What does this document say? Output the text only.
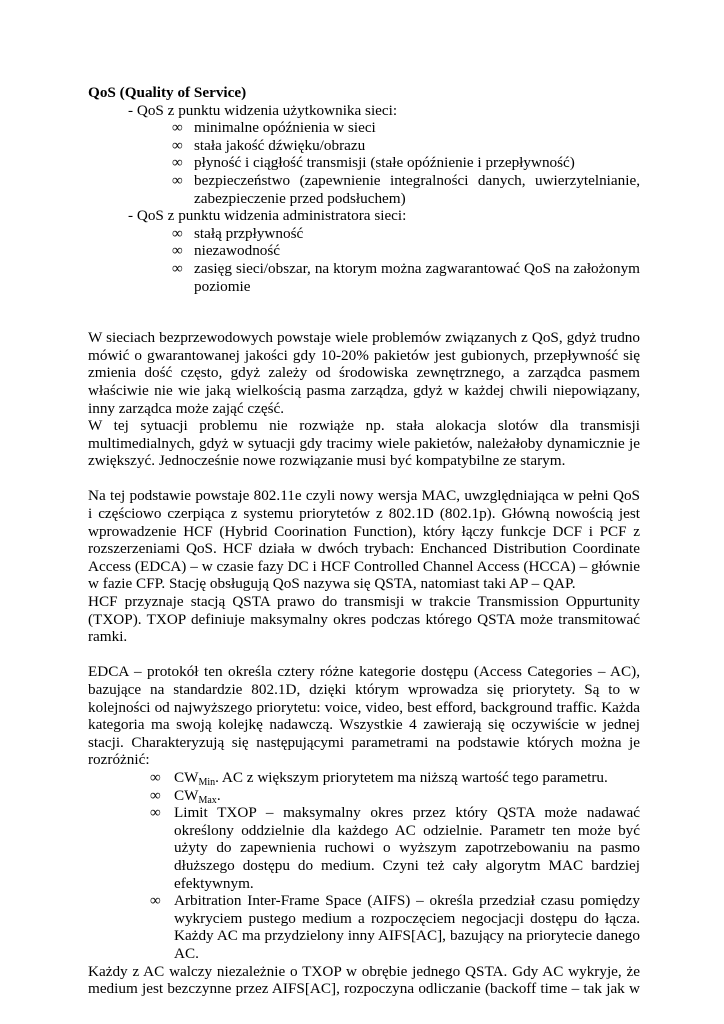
QoS (Quality of Service)

- QoS z punktu widzenia użytkownika sieci:

∞ minimalne opóźnienia w sieci
∞ stała jakość dźwięku/obrazu
∞ płyność i ciągłość transmisji (stałe opóźnienie i przepływność)
∞ bezpieczeństwo (zapewnienie integralności danych, uwierzytelnianie, zabezpieczenie przed podsłuchem)

- QoS z punktu widzenia administratora sieci:

∞ stałą przpływność
∞ niezawodność
∞ zasięg sieci/obszar, na ktorym można zagwarantować QoS na założonym poziomie

W sieciach bezprzewodowych powstaje wiele problemów związanych z QoS, gdyż trudno mówić o gwarantowanej jakości gdy 10-20% pakietów jest gubionych, przepływność się zmienia dość często, gdyż zależy od środowiska zewnętrznego, a zarządca pasmem właściwie nie wie jaką wielkością pasma zarządza, gdyż w każdej chwili niepowiązany, inny zarządca może zająć część.

W tej sytuacji problemu nie rozwiąże np. stała alokacja slotów dla transmisji multimedialnych, gdyż w sytuacji gdy tracimy wiele pakietów, należałoby dynamicznie je zwiększyć. Jednocześnie nowe rozwiązanie musi być kompatybilne ze starym.

Na tej podstawie powstaje 802.11e czyli nowy wersja MAC, uwzględniająca w pełni QoS i częściowo czerpiąca z systemu priorytetów z 802.1D (802.1p). Główną nowością jest wprowadzenie HCF (Hybrid Coorination Function), który łączy funkcje DCF i PCF z rozszerzeniami QoS. HCF działa w dwóch trybach: Enchanced Distribution Coordinate Access (EDCA) – w czasie fazy DC i HCF Controlled Channel Access (HCCA) – głównie w fazie CFP. Stację obsługują QoS nazywa się QSTA, natomiast taki AP – QAP.

HCF przyznaje stacją QSTA prawo do transmisji w trakcie Transmission Oppurtunity (TXOP). TXOP definiuje maksymalny okres podczas którego QSTA może transmitować ramki.

EDCA – protokół ten określa cztery różne kategorie dostępu (Access Categories – AC), bazujące na standardzie 802.1D, dzięki którym wprowadza się priorytety. Są to w kolejności od najwyższego priorytetu: voice, video, best efford, background traffic. Każda kategoria ma swoją kolejkę nadawczą. Wszystkie 4 zawierają się oczywiście w jednej stacji. Charakteryzują się następującymi parametrami na podstawie których można je rozróżnić:

∞ $CW_{Min}$. AC z większym priorytetem ma niższą wartość tego parametru.
∞ $CW_{Max}$.
∞ Limit TXOP – maksymalny okres przez który QSTA może nadawać określony oddzielnie dla każdego AC odzielnie. Parametr ten może być użyty do zapewnienia ruchowi o wyższym zapotrzebowaniu na pasmo dłuższego dostępu do medium. Czyni też cały algorytm MAC bardziej efektywnym.
∞ Arbitration Inter-Frame Space (AIFS) – określa przedział czasu pomiędzy wykryciem pustego medium a rozpoczęciem negocjacji dostępu do łącza. Każdy AC ma przydzielony inny AIFS[AC], bazujący na priorytecie danego AC.

Każdy z AC walczy niezależnie o TXOP w obrębie jednego QSTA. Gdy AC wykryje, że medium jest bezczynne przez AIFS[AC], rozpoczyna odliczanie (backoff time – tak jak w
